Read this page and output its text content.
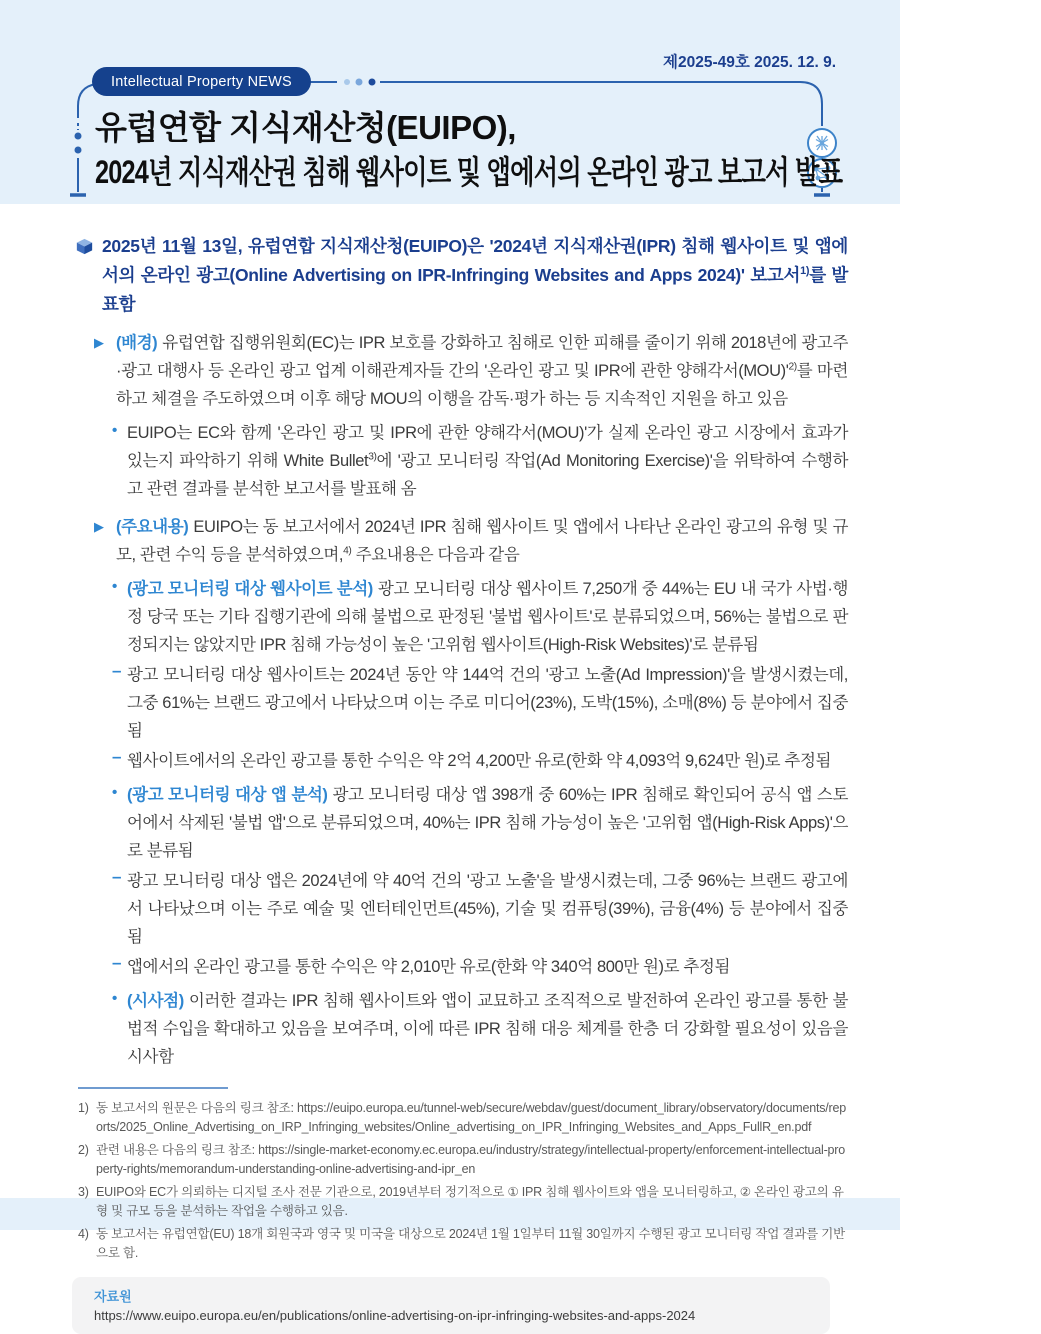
제2025-49호 2025. 12. 9.
Intellectual Property NEWS
유럽연합 지식재산청(EUIPO),
2024년 지식재산권 침해 웹사이트 및 앱에서의 온라인 광고 보고서 발표

2025년 11월 13일, 유럽연합 지식재산청(EUIPO)은 '2024년 지식재산권(IPR) 침해 웹사이트 및 앱에서의 온라인 광고(Online Advertising on IPR-Infringing Websites and Apps 2024)' 보고서$^{1)}$를 발표함

▶ (배경) 유럽연합 집행위원회(EC)는 IPR 보호를 강화하고 침해로 인한 피해를 줄이기 위해 2018년에 광고주·광고 대행사 등 온라인 광고 업계 이해관계자들 간의 '온라인 광고 및 IPR에 관한 양해각서$(MOU)'^{2)}$를 마련하고 체결을 주도하였으며 이후 해당 MOU의 이행을 감독·평가 하는 등 지속적인 지원을 하고 있음

• EUIPO는 EC와 함께 '온라인 광고 및 IPR에 관한 양해각서(MOU)'가 실제 온라인 광고 시장에서 효과가 있는지 파악하기 위해 White Bullet$^{3)}$에 '광고 모니터링 작업(Ad Monitoring Exercise)'을 위탁하여 수행하고 관련 결과를 분석한 보고서를 발표해 옴

▶ (주요내용) EUIPO는 동 보고서에서 2024년 IPR 침해 웹사이트 및 앱에서 나타난 온라인 광고의 유형 및 규모, 관련 수익 등을 분석하였으며,$^{4)}$ 주요내용은 다음과 같음

• (광고 모니터링 대상 웹사이트 분석) 광고 모니터링 대상 웹사이트 7,250개 중 44%는 EU 내 국가 사법·행정 당국 또는 기타 집행기관에 의해 불법으로 판정된 '불법 웹사이트'로 분류되었으며, 56%는 불법으로 판정되지는 않았지만 IPR 침해 가능성이 높은 '고위험 웹사이트(High-Risk Websites)'로 분류됨

– 광고 모니터링 대상 웹사이트는 2024년 동안 약 144억 건의 '광고 노출(Ad Impression)'을 발생시켰는데, 그중 61%는 브랜드 광고에서 나타났으며 이는 주로 미디어(23%), 도박(15%), 소매(8%) 등 분야에서 집중됨

– 웹사이트에서의 온라인 광고를 통한 수익은 약 2억 4,200만 유로(한화 약 4,093억 9,624만 원)로 추정됨

• (광고 모니터링 대상 앱 분석) 광고 모니터링 대상 앱 398개 중 60%는 IPR 침해로 확인되어 공식 앱 스토어에서 삭제된 '불법 앱'으로 분류되었으며, 40%는 IPR 침해 가능성이 높은 '고위험 앱(High-Risk Apps)'으로 분류됨

– 광고 모니터링 대상 앱은 2024년에 약 40억 건의 '광고 노출'을 발생시켰는데, 그중 96%는 브랜드 광고에서 나타났으며 이는 주로 예술 및 엔터테인먼트(45%), 기술 및 컴퓨팅(39%), 금융(4%) 등 분야에서 집중됨

– 앱에서의 온라인 광고를 통한 수익은 약 2,010만 유로(한화 약 340억 800만 원)로 추정됨

• (시사점) 이러한 결과는 IPR 침해 웹사이트와 앱이 교묘하고 조직적으로 발전하여 온라인 광고를 통한 불법적 수입을 확대하고 있음을 보여주며, 이에 따른 IPR 침해 대응 체계를 한층 더 강화할 필요성이 있음을 시사함

1) 동 보고서의 원문은 다음의 링크 참조: https://euipo.europa.eu/tunnel-web/secure/webdav/guest/document_library/observatory/documents/reports/2025_Online_Advertising_on_IRP_Infringing_websites/Online_advertising_on_IPR_Infringing_Websites_and_Apps_FullR_en.pdf
2) 관련 내용은 다음의 링크 참조: https://single-market-economy.ec.europa.eu/industry/strategy/intellectual-property/enforcement-intellectual-property-rights/memorandum-understanding-online-advertising-and-ipr_en
3) EUIPO와 EC가 의뢰하는 디지털 조사 전문 기관으로, 2019년부터 정기적으로 ① IPR 침해 웹사이트와 앱을 모니터링하고, ② 온라인 광고의 유형 및 규모 등을 분석하는 작업을 수행하고 있음.
4) 동 보고서는 유럽연합(EU) 18개 회원국과 영국 및 미국을 대상으로 2024년 1월 1일부터 11월 30일까지 수행된 광고 모니터링 작업 결과를 기반으로 함.
자료원
https://www.euipo.europa.eu/en/publications/online-advertising-on-ipr-infringing-websites-and-apps-2024
